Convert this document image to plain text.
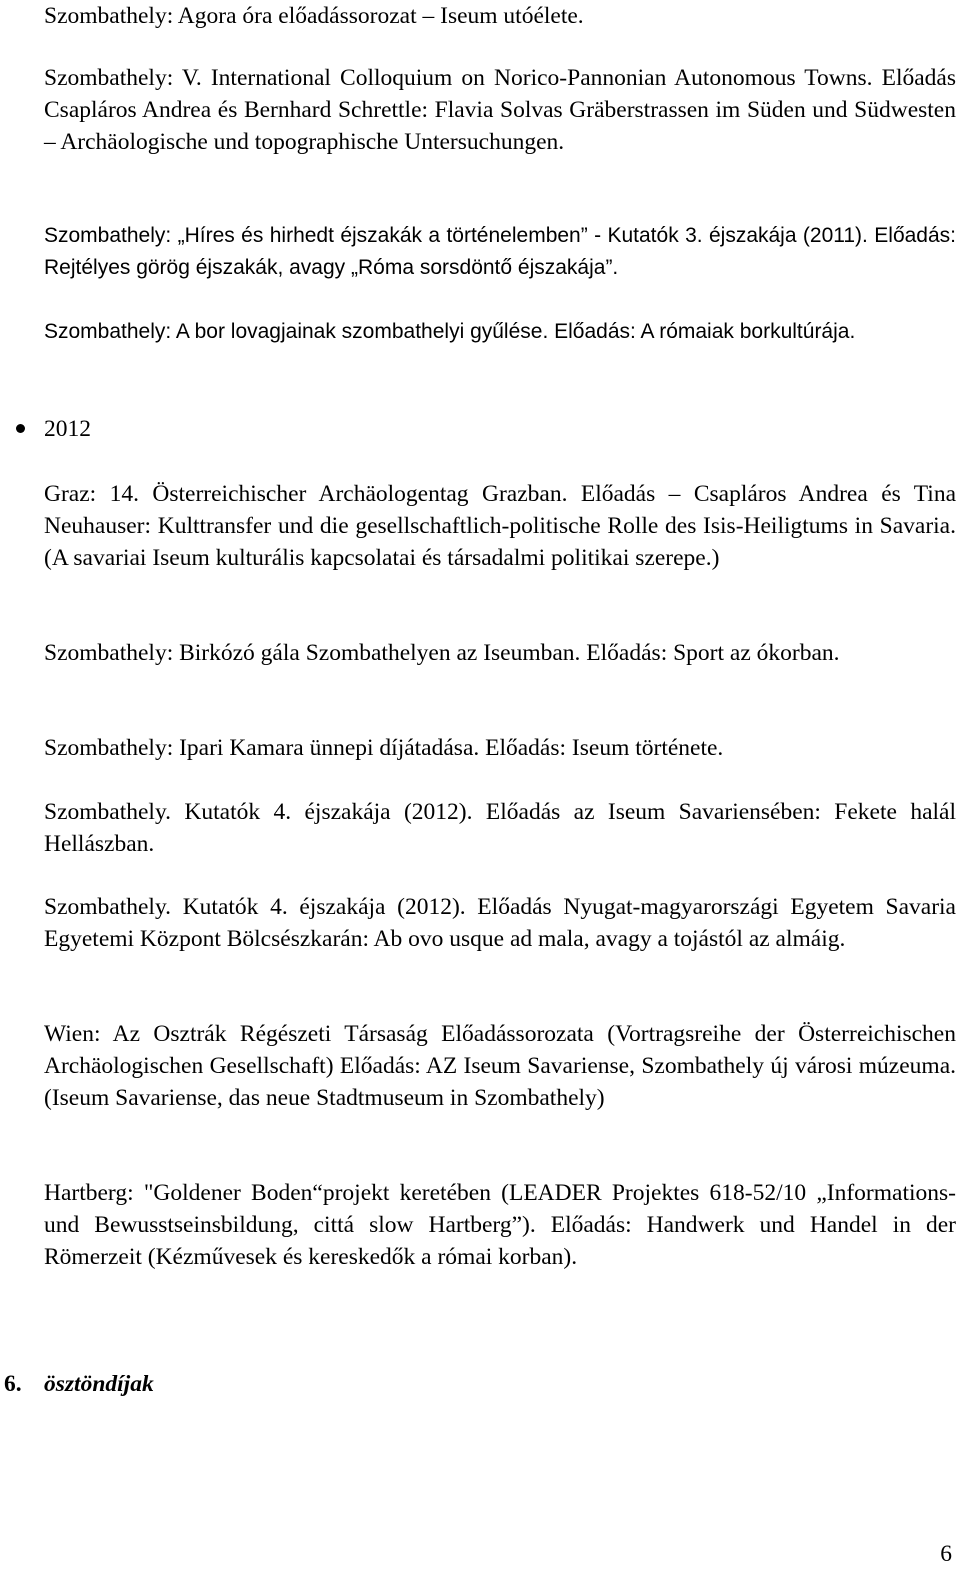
Szombathely: Agora óra előadássorozat – Iseum utóélete.

Szombathely: V. International Colloquium on Norico-Pannonian Autonomous Towns. Előadás Csapláros Andrea és Bernhard Schrettle: Flavia Solvas Gräberstrassen im Süden und Südwesten – Archäologische und topographische Untersuchungen.

Szombathely: „Híres és hirhedt éjszakák a történelemben” - Kutatók 3. éjszakája (2011). Előadás: Rejtélyes görög éjszakák, avagy „Róma sorsdöntő éjszakája”.

Szombathely: A bor lovagjainak szombathelyi gyűlése. Előadás: A rómaiak borkultúrája.

2012

Graz: 14. Österreichischer Archäologentag Grazban. Előadás – Csapláros Andrea és Tina Neuhauser: Kulttransfer und die gesellschaftlich-politische Rolle des Isis-Heiligtums in Savaria. (A savariai Iseum kulturális kapcsolatai és társadalmi politikai szerepe.)

Szombathely: Birkózó gála Szombathelyen az Iseumban. Előadás: Sport az ókorban.

Szombathely: Ipari Kamara ünnepi díjátadása. Előadás: Iseum története.

Szombathely. Kutatók 4. éjszakája (2012). Előadás az Iseum Savariensében: Fekete halál Hellászban.

Szombathely. Kutatók 4. éjszakája (2012). Előadás Nyugat-magyarországi Egyetem Savaria Egyetemi Központ Bölcsészkarán: Ab ovo usque ad mala, avagy a tojástól az almáig.

Wien: Az Osztrák Régészeti Társaság Előadássorozata (Vortragsreihe der Österreichischen Archäologischen Gesellschaft) Előadás: AZ Iseum Savariense, Szombathely új városi múzeuma. (Iseum Savariense, das neue Stadtmuseum in Szombathely)

Hartberg: "Goldener Boden“projekt keretében (LEADER Projektes 618-52/10 „Informations- und Bewusstseinsbildung, cittá slow Hartberg”). Előadás: Handwerk und Handel in der Römerzeit (Kézművesek és kereskedők a római korban).

6. ösztöndíjak
6
